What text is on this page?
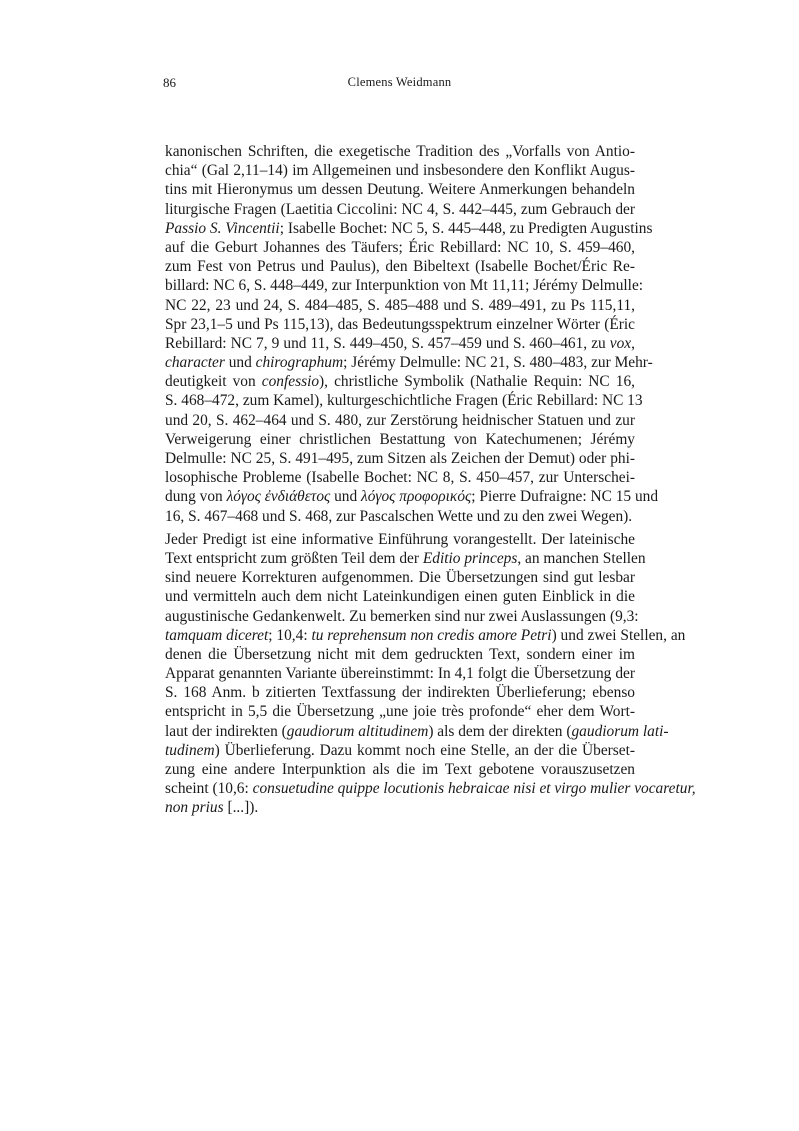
86	Clemens Weidmann
kanonischen Schriften, die exegetische Tradition des „Vorfalls von Antio-
chia“ (Gal 2,11–14) im Allgemeinen und insbesondere den Konflikt Augus-
tins mit Hieronymus um dessen Deutung. Weitere Anmerkungen behandeln
liturgische Fragen (Laetitia Ciccolini: NC 4, S. 442–445, zum Gebrauch der
Passio S. Vincentii; Isabelle Bochet: NC 5, S. 445–448, zu Predigten Augustins
auf die Geburt Johannes des Täufers; Éric Rebillard: NC 10, S. 459–460,
zum Fest von Petrus und Paulus), den Bibeltext (Isabelle Bochet/Éric Re-
billard: NC 6, S. 448–449, zur Interpunktion von Mt 11,11; Jérémy Delmulle:
NC 22, 23 und 24, S. 484–485, S. 485–488 und S. 489–491, zu Ps 115,11,
Spr 23,1–5 und Ps 115,13), das Bedeutungsspektrum einzelner Wörter (Éric
Rebillard: NC 7, 9 und 11, S. 449–450, S. 457–459 und S. 460–461, zu vox,
character und chirographum; Jérémy Delmulle: NC 21, S. 480–483, zur Mehr-
deutigkeit von confessio), christliche Symbolik (Nathalie Requin: NC 16,
S. 468–472, zum Kamel), kulturgeschichtliche Fragen (Éric Rebillard: NC 13
und 20, S. 462–464 und S. 480, zur Zerstörung heidnischer Statuen und zur
Verweigerung einer christlichen Bestattung von Katechumenen; Jérémy
Delmulle: NC 25, S. 491–495, zum Sitzen als Zeichen der Demut) oder phi-
losophische Probleme (Isabelle Bochet: NC 8, S. 450–457, zur Unterschei-
dung von λόγος ἐνδιάθετος und λόγος προφορικός; Pierre Dufraigne: NC 15 und
16, S. 467–468 und S. 468, zur Pascalschen Wette und zu den zwei Wegen).
Jeder Predigt ist eine informative Einführung vorangestellt. Der lateinische
Text entspricht zum größten Teil dem der Editio princeps, an manchen Stellen
sind neuere Korrekturen aufgenommen. Die Übersetzungen sind gut lesbar
und vermitteln auch dem nicht Lateinkundigen einen guten Einblick in die
augustinische Gedankenwelt. Zu bemerken sind nur zwei Auslassungen (9,3:
tamquam diceret; 10,4: tu reprehensum non credis amore Petri) und zwei Stellen, an
denen die Übersetzung nicht mit dem gedruckten Text, sondern einer im
Apparat genannten Variante übereinstimmt: In 4,1 folgt die Übersetzung der
S. 168 Anm. b zitierten Textfassung der indirekten Überlieferung; ebenso
entspricht in 5,5 die Übersetzung „une joie très profonde“ eher dem Wort-
laut der indirekten (gaudiorum altitudinem) als dem der direkten (gaudiorum lati-
tudinem) Überlieferung. Dazu kommt noch eine Stelle, an der die Überset-
zung eine andere Interpunktion als die im Text gebotene vorauszusetzen
scheint (10,6: consuetudine quippe locutionis hebraicae nisi et virgo mulier vocaretur,
non prius [...]).
